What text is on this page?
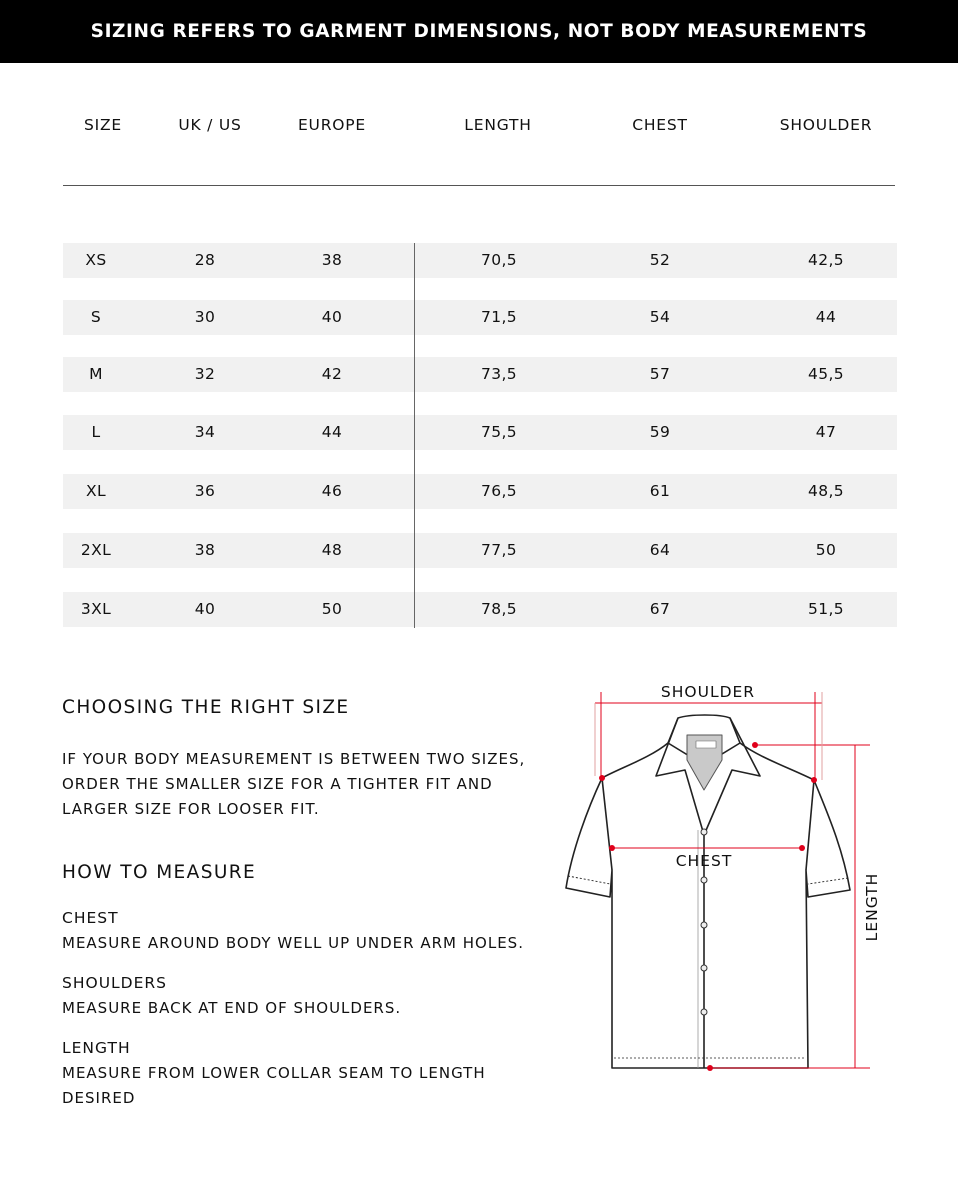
SIZING REFERS TO GARMENT DIMENSIONS, NOT BODY MEASUREMENTS
SIZE	UK / US	EUROPE	LENGTH	CHEST	SHOULDER
XS	28	38	70,5	52	42,5
S	30	40	71,5	54	44
M	32	42	73,5	57	45,5
L	34	44	75,5	59	47
XL	36	46	76,5	61	48,5
2XL	38	48	77,5	64	50
3XL	40	50	78,5	67	51,5
CHOOSING THE RIGHT SIZE
IF YOUR BODY MEASUREMENT IS BETWEEN TWO SIZES,
ORDER THE SMALLER SIZE FOR A TIGHTER FIT AND
LARGER SIZE FOR LOOSER FIT.
HOW TO MEASURE
CHEST
MEASURE AROUND BODY WELL UP UNDER ARM HOLES.
SHOULDERS
MEASURE BACK AT END OF SHOULDERS.
LENGTH
MEASURE FROM LOWER COLLAR SEAM TO LENGTH
DESIRED
SHOULDER
CHEST
LENGTH
